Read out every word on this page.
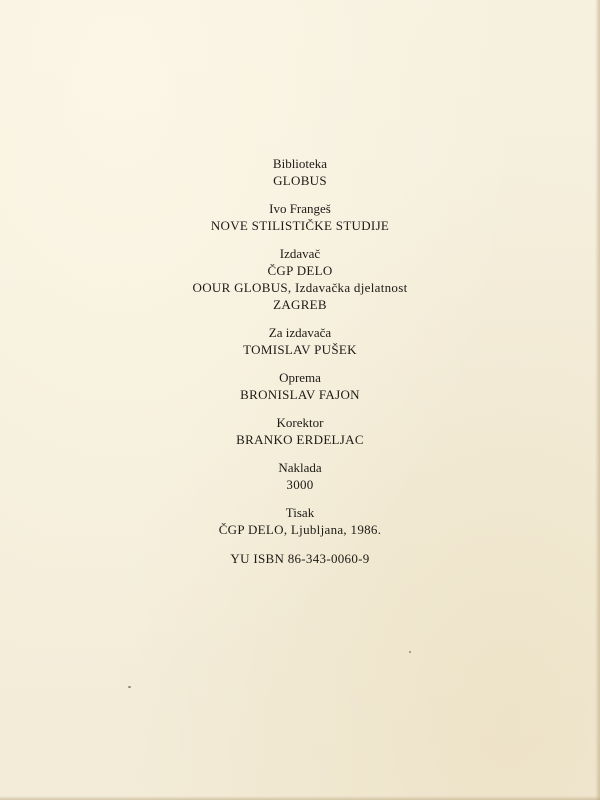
Biblioteka
GLOBUS
Ivo Frangeš
NOVE STILISTIČKE STUDIJE
Izdavač
ČGP DELO
OOUR GLOBUS, Izdavačka djelatnost
ZAGREB
Za izdavača
TOMISLAV PUŠEK
Oprema
BRONISLAV FAJON
Korektor
BRANKO ERDELJAC
Naklada
3000
Tisak
ČGP DELO, Ljubljana, 1986.
YU ISBN 86-343-0060-9
